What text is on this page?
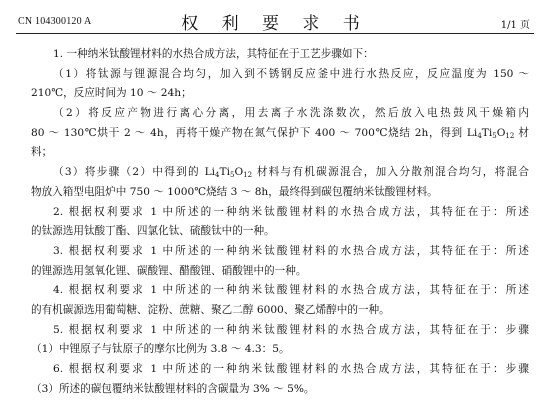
CN 104300120 A	权 利 要 求 书	1/1 页
1. 一种纳米钛酸锂材料的水热合成方法，其特征在于工艺步骤如下：
（1）将钛源与锂源混合均匀，加入到不锈钢反应釜中进行水热反应，反应温度为 150 ～
210℃，反应时间为 10 ～ 24h；
（2）将反应产物进行离心分离，用去离子水洗涤数次，然后放入电热鼓风干燥箱内
80 ～ 130℃烘干 2 ～ 4h，再将干燥产物在氮气保护下 400 ～ 700℃烧结 2h，得到 $Li_4Ti_5O_{12}$ 材
料；
（3）将步骤（2）中得到的 $Li_4Ti_5O_{12}$ 材料与有机碳源混合，加入分散剂混合均匀，将混合
物放入箱型电阻炉中 750 ～ 1000℃烧结 3 ～ 8h，最终得到碳包覆纳米钛酸锂材料。
2. 根据权利要求 1 中所述的一种纳米钛酸锂材料的水热合成方法，其特征在于：所述
的钛源选用钛酸丁酯、四氯化钛、硫酸钛中的一种。
3. 根据权利要求 1 中所述的一种纳米钛酸锂材料的水热合成方法，其特征在于：所述
的锂源选用氢氧化锂、碳酸锂、醋酸锂、硝酸锂中的一种。
4. 根据权利要求 1 中所述的一种纳米钛酸锂材料的水热合成方法，其特征在于：所述
的有机碳源选用葡萄糖、淀粉、蔗糖、聚乙二醇 6000、聚乙烯醇中的一种。
5. 根据权利要求 1 中所述的一种纳米钛酸锂材料的水热合成方法，其特征在于：步骤
（1）中锂原子与钛原子的摩尔比例为 3.8 ～ 4.3：5。
6. 根据权利要求 1 中所述的一种纳米钛酸锂材料的水热合成方法，其特征在于：步骤
（3）所述的碳包覆纳米钛酸锂材料的含碳量为 3% ～ 5%。
